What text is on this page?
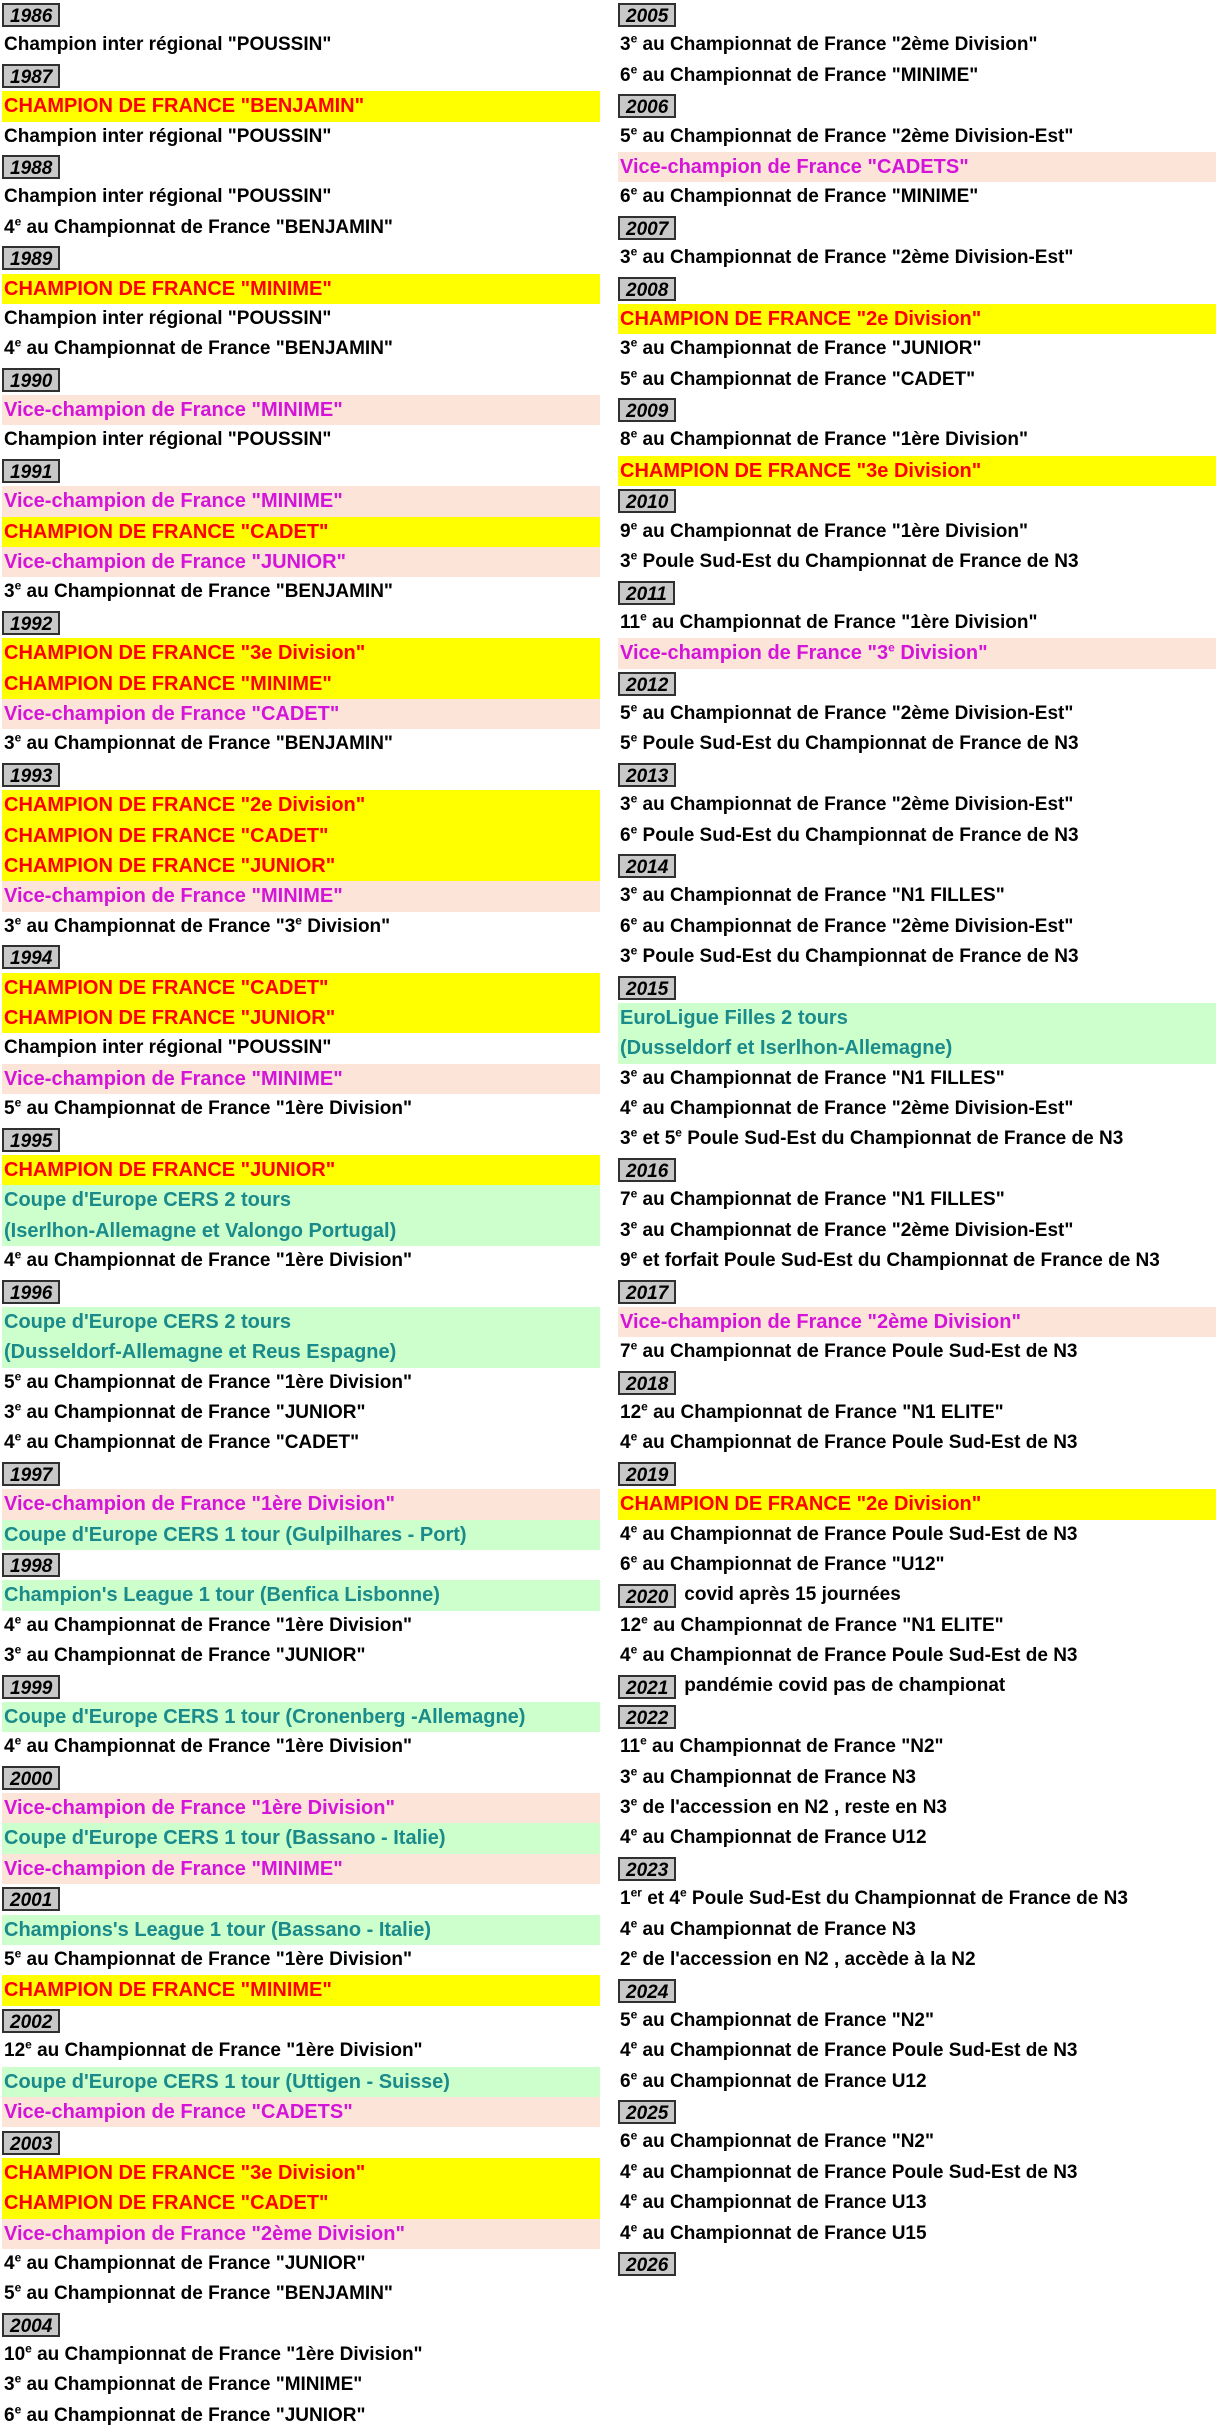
1986
Champion inter régional "POUSSIN"
1987
CHAMPION DE FRANCE "BENJAMIN"
Champion inter régional "POUSSIN"
1988
Champion inter régional "POUSSIN"
4e au Championnat de France "BENJAMIN"
1989
CHAMPION DE FRANCE "MINIME"
Champion inter régional "POUSSIN"
4e au Championnat de France "BENJAMIN"
1990
Vice-champion de France "MINIME"
Champion inter régional "POUSSIN"
1991
Vice-champion de France "MINIME"
CHAMPION DE FRANCE "CADET"
Vice-champion de France "JUNIOR"
3e au Championnat de France "BENJAMIN"
1992
CHAMPION DE FRANCE "3e Division"
CHAMPION DE FRANCE "MINIME"
Vice-champion de France "CADET"
3e au Championnat de France "BENJAMIN"
1993
CHAMPION DE FRANCE "2e Division"
CHAMPION DE FRANCE "CADET"
CHAMPION DE FRANCE "JUNIOR"
Vice-champion de France "MINIME"
3e au Championnat de France "3e Division"
1994
CHAMPION DE FRANCE "CADET"
CHAMPION DE FRANCE "JUNIOR"
Champion inter régional "POUSSIN"
Vice-champion de France "MINIME"
5e au Championnat de France "1ère Division"
1995
CHAMPION DE FRANCE "JUNIOR"
Coupe d'Europe CERS 2 tours
(Iserlhon-Allemagne et Valongo Portugal)
4e au Championnat de France "1ère Division"
1996
Coupe d'Europe CERS 2 tours
(Dusseldorf-Allemagne et Reus Espagne)
5e au Championnat de France "1ère Division"
3e au Championnat de France "JUNIOR"
4e au Championnat de France "CADET"
1997
Vice-champion de France "1ère Division"
Coupe d'Europe CERS 1 tour (Gulpilhares - Port)
1998
Champion's League 1 tour (Benfica Lisbonne)
4e au Championnat de France "1ère Division"
3e au Championnat de France "JUNIOR"
1999
Coupe d'Europe CERS 1 tour (Cronenberg -Allemagne)
4e au Championnat de France "1ère Division"
2000
Vice-champion de France "1ère Division"
Coupe d'Europe CERS 1 tour (Bassano - Italie)
Vice-champion de France "MINIME"
2001
Champions's League 1 tour (Bassano - Italie)
5e au Championnat de France "1ère Division"
CHAMPION DE FRANCE "MINIME"
2002
12e au Championnat de France "1ère Division"
Coupe d'Europe CERS 1 tour (Uttigen - Suisse)
Vice-champion de France "CADETS"
2003
CHAMPION DE FRANCE "3e Division"
CHAMPION DE FRANCE "CADET"
Vice-champion de France "2ème Division"
4e au Championnat de France "JUNIOR"
5e au Championnat de France "BENJAMIN"
2004
10e au Championnat de France "1ère Division"
3e au Championnat de France "MINIME"
6e au Championnat de France "JUNIOR"
2005
3e au Championnat de France "2ème Division"
6e au Championnat de France "MINIME"
2006
5e au Championnat de France "2ème Division-Est"
Vice-champion de France "CADETS"
6e au Championnat de France "MINIME"
2007
3e au Championnat de France "2ème Division-Est"
2008
CHAMPION DE FRANCE "2e Division"
3e au Championnat de France "JUNIOR"
5e au Championnat de France "CADET"
2009
8e au Championnat de France "1ère Division"
CHAMPION DE FRANCE "3e Division"
2010
9e au Championnat de France "1ère Division"
3e Poule Sud-Est du Championnat de France de N3
2011
11e au Championnat de France "1ère Division"
Vice-champion de France "3e Division"
2012
5e au Championnat de France "2ème Division-Est"
5e Poule Sud-Est du Championnat de France de N3
2013
3e au Championnat de France "2ème Division-Est"
6e Poule Sud-Est du Championnat de France de N3
2014
3e au Championnat de France "N1 FILLES"
6e au Championnat de France "2ème Division-Est"
3e Poule Sud-Est du Championnat de France de N3
2015
EuroLigue Filles 2 tours
(Dusseldorf et Iserlhon-Allemagne)
3e au Championnat de France "N1 FILLES"
4e au Championnat de France "2ème Division-Est"
3e et 5e Poule Sud-Est du Championnat de France de N3
2016
7e au Championnat de France "N1 FILLES"
3e au Championnat de France "2ème Division-Est"
9e et forfait Poule Sud-Est du Championnat de France de N3
2017
Vice-champion de France "2ème Division"
7e au Championnat de France Poule Sud-Est de N3
2018
12e au Championnat de France "N1 ELITE"
4e au Championnat de France Poule Sud-Est de N3
2019
CHAMPION DE FRANCE "2e Division"
4e au Championnat de France Poule Sud-Est de N3
6e au Championnat de France "U12"
2020 covid après 15 journées
12e au Championnat de France "N1 ELITE"
4e au Championnat de France Poule Sud-Est de N3
2021 pandémie covid pas de championat
2022
11e au Championnat de France "N2"
3e au Championnat de France N3
3e de l'accession en N2 , reste en N3
4e au Championnat de France U12
2023
1er et 4e Poule Sud-Est du Championnat de France de N3
4e au Championnat de France N3
2e de l'accession en N2 , accède à la N2
2024
5e au Championnat de France "N2"
4e au Championnat de France Poule Sud-Est de N3
6e au Championnat de France U12
2025
6e au Championnat de France "N2"
4e au Championnat de France Poule Sud-Est de N3
4e au Championnat de France U13
4e au Championnat de France U15
2026
